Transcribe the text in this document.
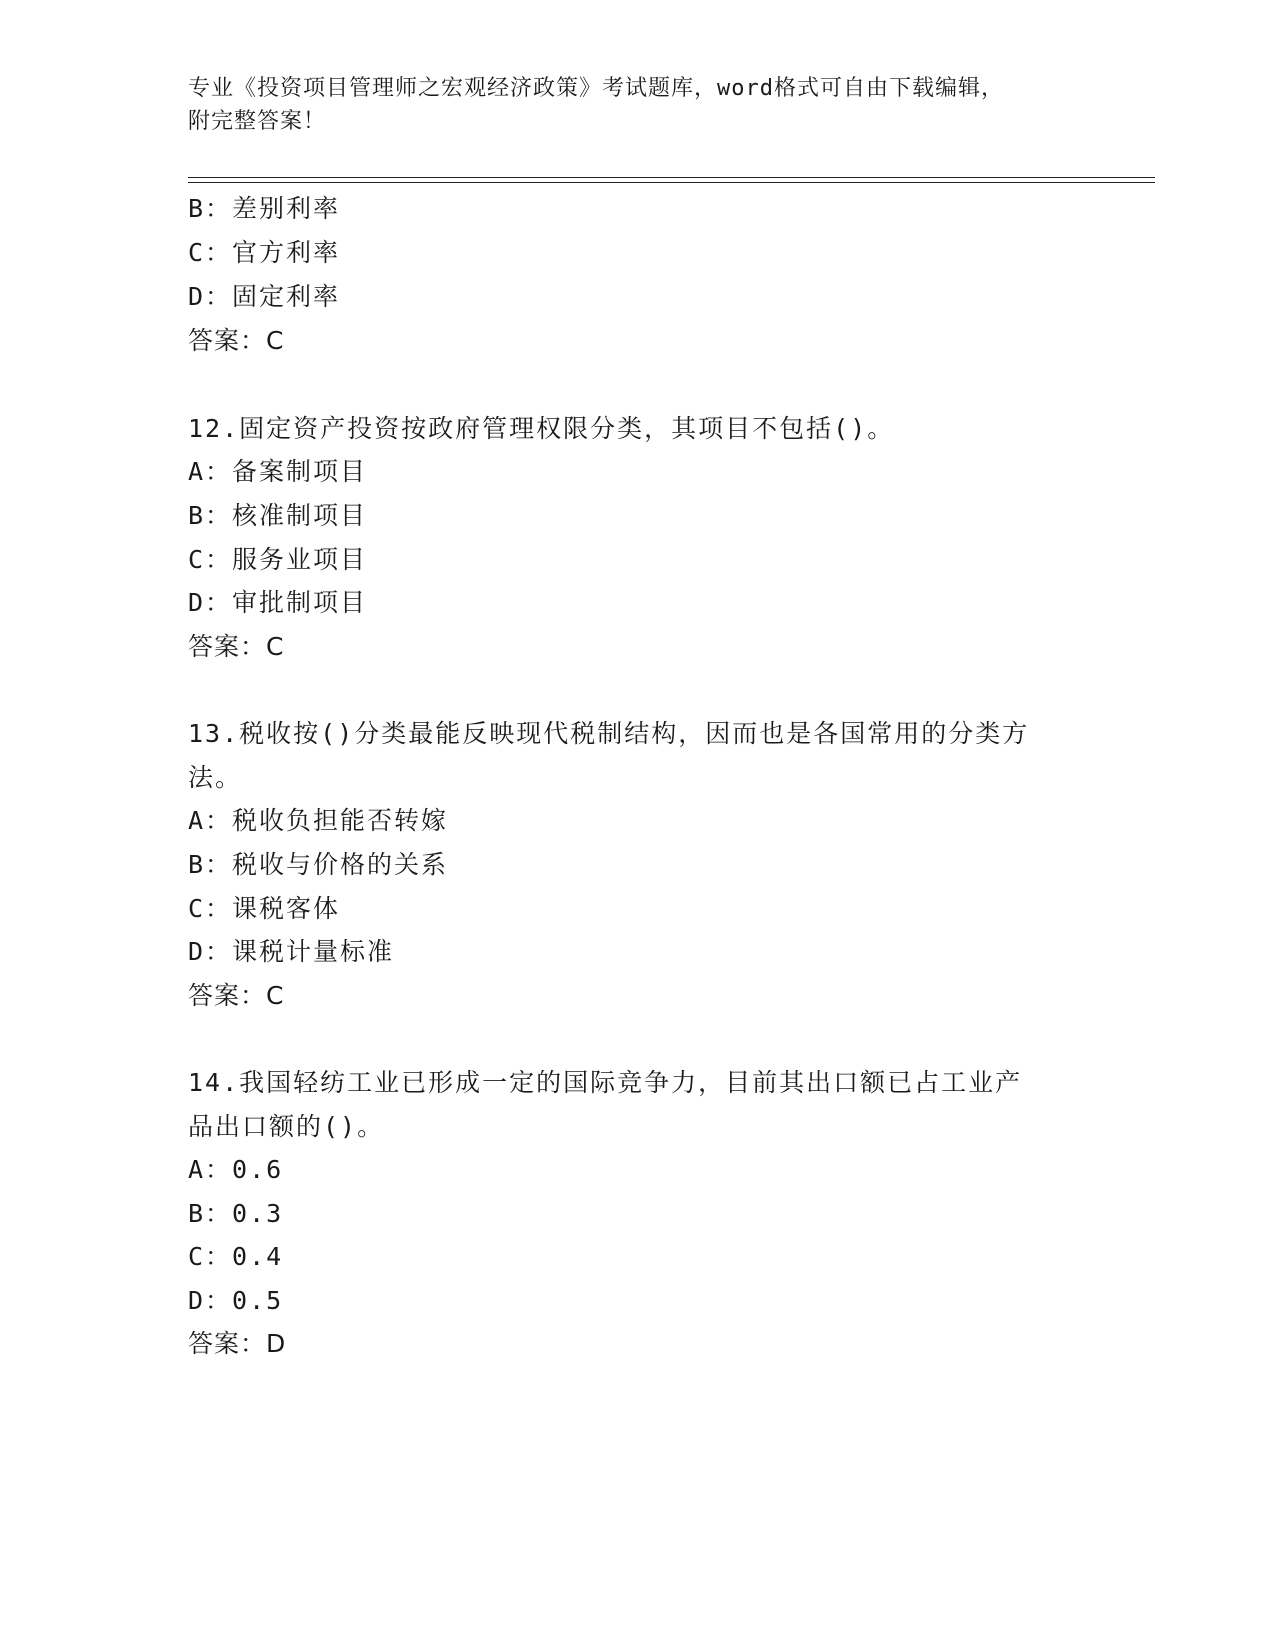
专业《投资项目管理师之宏观经济政策》考试题库，word格式可自由下载编辑，
附完整答案！
B：差别利率
C：官方利率
D：固定利率
答案：C
12.固定资产投资按政府管理权限分类，其项目不包括()。
A：备案制项目
B：核准制项目
C：服务业项目
D：审批制项目
答案：C
13.税收按()分类最能反映现代税制结构，因而也是各国常用的分类方
法。
A：税收负担能否转嫁
B：税收与价格的关系
C：课税客体
D：课税计量标准
答案：C
14.我国轻纺工业已形成一定的国际竞争力，目前其出口额已占工业产
品出口额的()。
A：0.6
B：0.3
C：0.4
D：0.5
答案：D
